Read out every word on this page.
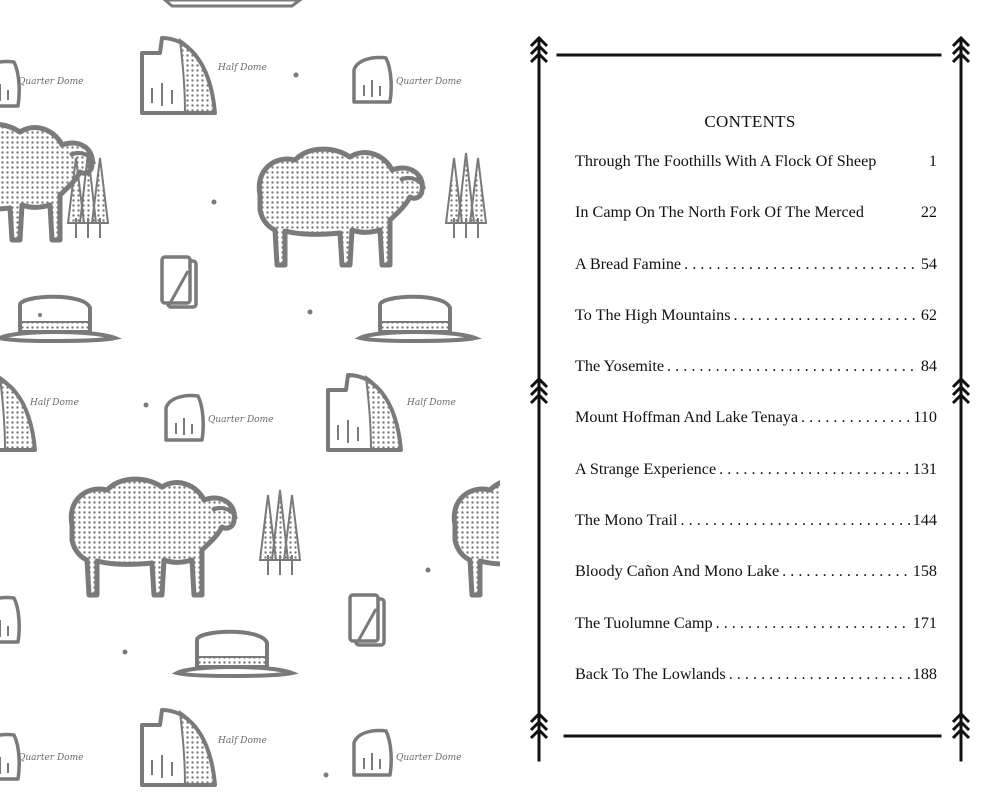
Half Dome
Quarter Dome	Quarter Dome
Half Dome
Quarter Dome
Half Dome
Half Dome
Quarter Dome	Quarter Dome
CONTENTS
Through The Foothills With A Flock Of Sheep	1
In Camp On The North Fork Of The Merced	22
A Bread Famine . . .	54
To The High Mountains . . .	62
The Yosemite . . .	84
Mount Hoffman And Lake Tenaya . . .	110
A Strange Experience . . .	131
The Mono Trail . . .	144
Bloody Cañon And Mono Lake . . .	158
The Tuolumne Camp . . .	171
Back To The Lowlands . . .	188
